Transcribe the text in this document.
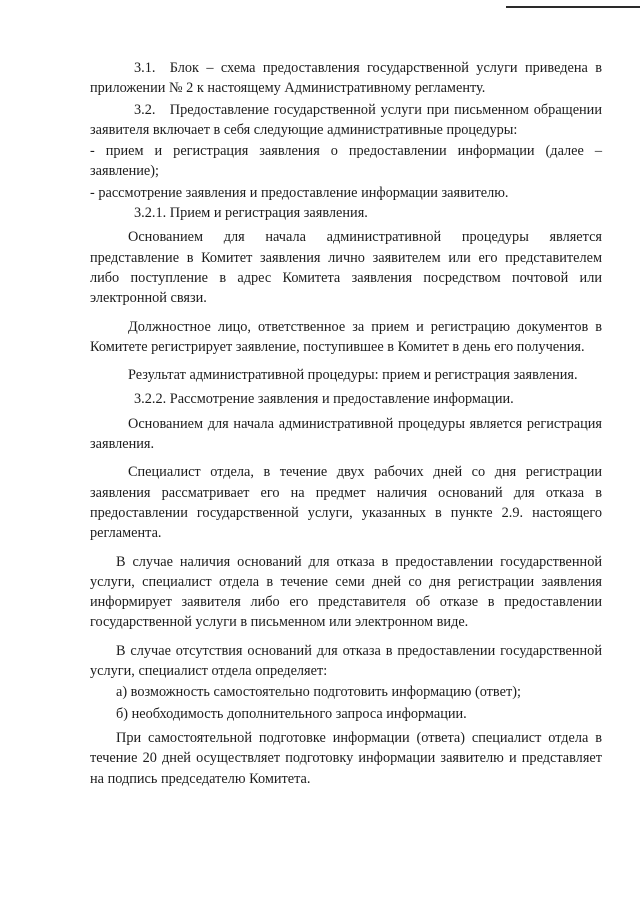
3.1. Блок – схема предоставления государственной услуги приведена в приложении № 2 к настоящему Административному регламенту.

3.2. Предоставление государственной услуги при письменном обращении заявителя включает в себя следующие административные процедуры:

- прием и регистрация заявления о предоставлении информации (далее – заявление);

- рассмотрение заявления и предоставление информации заявителю.

3.2.1. Прием и регистрация заявления.

Основанием для начала административной процедуры является представление в Комитет заявления лично заявителем или его представителем либо поступление в адрес Комитета заявления посредством почтовой или электронной связи.

Должностное лицо, ответственное за прием и регистрацию документов в Комитете регистрирует заявление, поступившее в Комитет в день его получения.

Результат административной процедуры: прием и регистрация заявления.

3.2.2. Рассмотрение заявления и предоставление информации.

Основанием для начала административной процедуры является регистрация заявления.

Специалист отдела, в течение двух рабочих дней со дня регистрации заявления рассматривает его на предмет наличия оснований для отказа в предоставлении государственной услуги, указанных в пункте 2.9. настоящего регламента.

В случае наличия оснований для отказа в предоставлении государственной услуги, специалист отдела в течение семи дней со дня регистрации заявления информирует заявителя либо его представителя об отказе в предоставлении государственной услуги в письменном или электронном виде.

В случае отсутствия оснований для отказа в предоставлении государственной услуги, специалист отдела определяет:

а) возможность самостоятельно подготовить информацию (ответ);

б) необходимость дополнительного запроса информации.

При самостоятельной подготовке информации (ответа) специалист отдела в течение 20 дней осуществляет подготовку информации заявителю и представляет на подпись председателю Комитета.
